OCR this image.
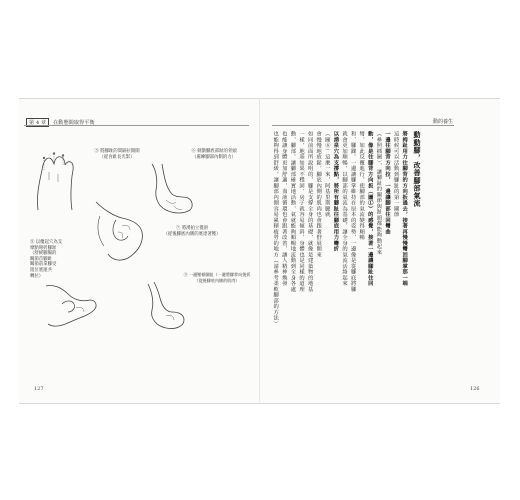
第 4 章 在動態間取得平衡	動的養生
⑤ 將腳趾的間隔拉開開
（從食趾長光影）
⑥ 刺激腳底部趾的骨頭
（處練腳部內側的力）
⑦ 將湧拍立僅滑
（從後腳底內側的底達著壓）
⑧ 以僂起穴為支
摩點彎折腳趾
（舒緩腳腸的
關節首腳趾
關節前拿腳受
阻位底運共
轉拉）	⑨ 一邊壓頓腳趾（一邊將腳掌向後扳
（從後腳底內側的肌肉）
動動腳，改善腳部氣流
將拇趾用力往腳背的方向扳過去，接著再慢慢彎回腳掌那一端
這時候可以活動到腳趾的第一關節
一邊往腳背方向拉，一邊讓腳部往回彎曲
（參照插圖），讓腳趾的關節與趾頭都能夠動起來
動，像是往腳背方向扳（圖①）的感覺，接著一邊讓腳趾往回
彎，如此反覆進行，使腳部的氣流變得順暢
和、腳踝。一邊讓腳掌維持在原本的姿勢，一邊像是從腳底將腳
就會更加順暢，以腳部的氣流為基礎，讓全身的氣流活絡起來
以湧泉穴為支撐點，將所有腳趾往腳底用力彎折
（圖⑧）這麼一來，阿基里斯腱就
會慢慢地放鬆，腳底內側的肌肉也會跟著舒展開來
如同前面所說明的，腳是支撐全身的基礎，就像是建築物的地基
一樣，地基如果不穩固，房子就容易傾斜，身體也是同樣的道理
動，腳部。讓腳部確實地活動，氣就能夠順暢地流動到全身各處
也能讓身體更加舒適，血液循環也會跟著改善，讓人精神煥發
也能夠得到舒緩，讓腳部內側容易累積疲勞的地方（請參考柔軟腳部的方法）
127	126
